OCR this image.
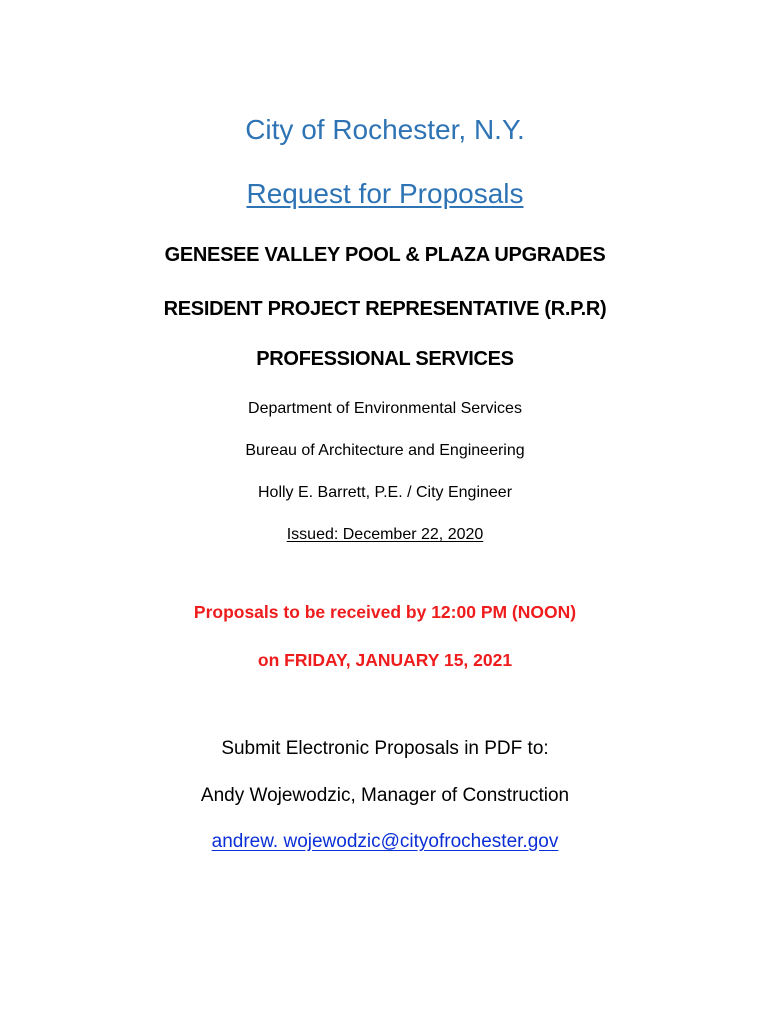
City of Rochester, N.Y.
Request for Proposals
GENESEE VALLEY POOL & PLAZA UPGRADES
RESIDENT PROJECT REPRESENTATIVE (R.P.R)
PROFESSIONAL SERVICES
Department of Environmental Services
Bureau of Architecture and Engineering
Holly E. Barrett, P.E. / City Engineer
Issued: December 22, 2020
Proposals to be received by 12:00 PM (NOON)
on FRIDAY, JANUARY 15, 2021
Submit Electronic Proposals in PDF to:
Andy Wojewodzic, Manager of Construction
andrew. wojewodzic@cityofrochester.gov
